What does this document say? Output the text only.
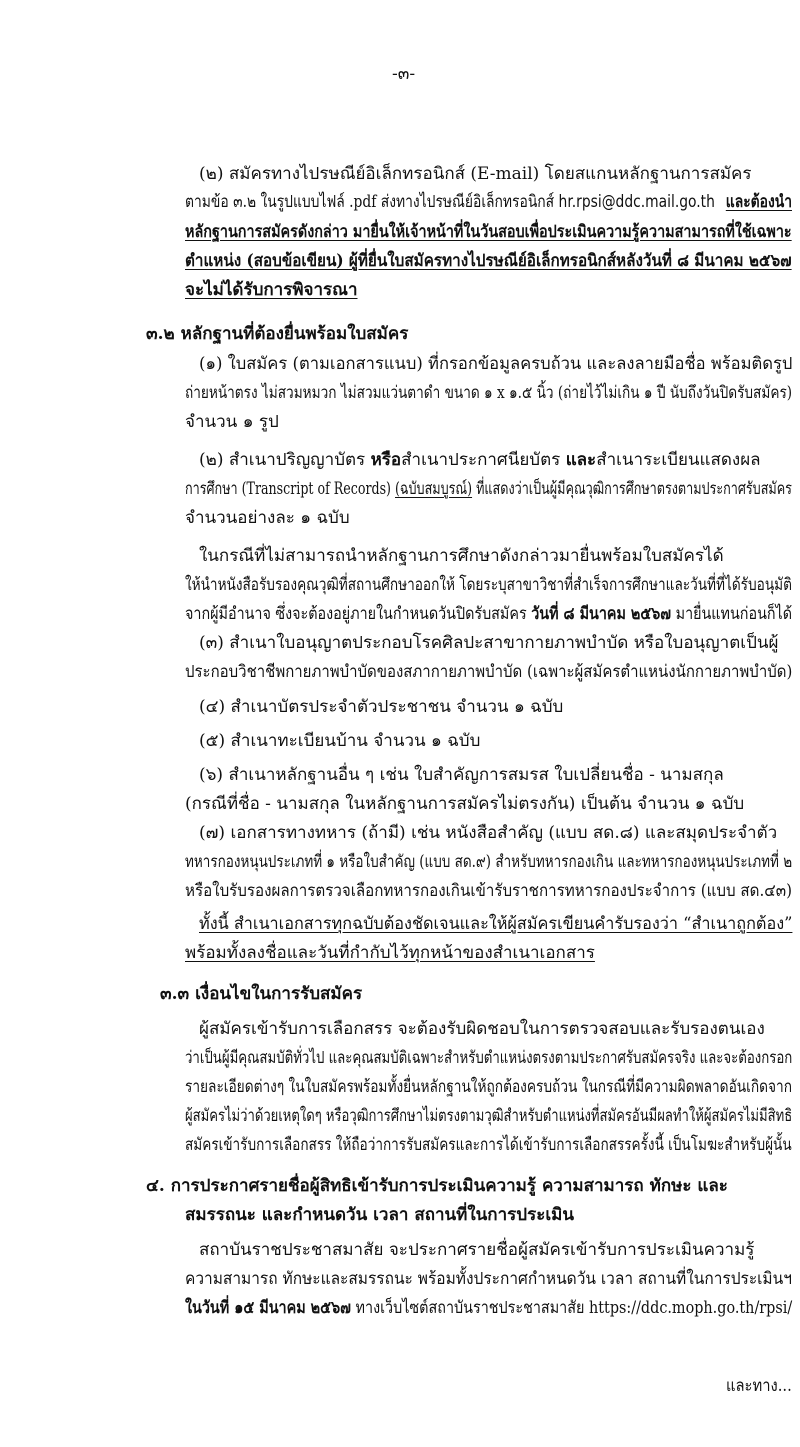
-๓-
(๒) สมัครทางไปรษณีย์อิเล็กทรอนิกส์ (E-mail) โดยสแกนหลักฐานการสมัคร
ตามข้อ ๓.๒ ในรูปแบบไฟล์ .pdf ส่งทางไปรษณีย์อิเล็กทรอนิกส์ hr.rpsi@ddc.mail.go.th และต้องนำ
หลักฐานการสมัครดังกล่าว มายื่นให้เจ้าหน้าที่ในวันสอบเพื่อประเมินความรู้ความสามารถที่ใช้เฉพาะ
ตำแหน่ง (สอบข้อเขียน) ผู้ที่ยื่นใบสมัครทางไปรษณีย์อิเล็กทรอนิกส์หลังวันที่ ๘ มีนาคม ๒๕๖๗
จะไม่ได้รับการพิจารณา
๓.๒ หลักฐานที่ต้องยื่นพร้อมใบสมัคร
(๑) ใบสมัคร (ตามเอกสารแนบ) ที่กรอกข้อมูลครบถ้วน และลงลายมือชื่อ พร้อมติดรูป
ถ่ายหน้าตรง ไม่สวมหมวก ไม่สวมแว่นตาดำ ขนาด ๑ x ๑.๕ นิ้ว (ถ่ายไว้ไม่เกิน ๑ ปี นับถึงวันปิดรับสมัคร)
จำนวน ๑ รูป
(๒) สำเนาปริญญาบัตร หรือสำเนาประกาศนียบัตร และสำเนาระเบียนแสดงผล
การศึกษา (Transcript of Records) (ฉบับสมบูรณ์) ที่แสดงว่าเป็นผู้มีคุณวุฒิการศึกษาตรงตามประกาศรับสมัคร
จำนวนอย่างละ ๑ ฉบับ
ในกรณีที่ไม่สามารถนำหลักฐานการศึกษาดังกล่าวมายื่นพร้อมใบสมัครได้
ให้นำหนังสือรับรองคุณวุฒิที่สถานศึกษาออกให้ โดยระบุสาขาวิชาที่สำเร็จการศึกษาและวันที่ที่ได้รับอนุมัติ
จากผู้มีอำนาจ ซึ่งจะต้องอยู่ภายในกำหนดวันปิดรับสมัคร วันที่ ๘ มีนาคม ๒๕๖๗ มายื่นแทนก่อนก็ได้
(๓) สำเนาใบอนุญาตประกอบโรคศิลปะสาขากายภาพบำบัด หรือใบอนุญาตเป็นผู้
ประกอบวิชาชีพกายภาพบำบัดของสภากายภาพบำบัด (เฉพาะผู้สมัครตำแหน่งนักกายภาพบำบัด)
(๔) สำเนาบัตรประจำตัวประชาชน จำนวน ๑ ฉบับ
(๕) สำเนาทะเบียนบ้าน จำนวน ๑ ฉบับ
(๖) สำเนาหลักฐานอื่น ๆ เช่น ใบสำคัญการสมรส ใบเปลี่ยนชื่อ - นามสกุล
(กรณีที่ชื่อ - นามสกุล ในหลักฐานการสมัครไม่ตรงกัน) เป็นต้น จำนวน ๑ ฉบับ
(๗) เอกสารทางทหาร (ถ้ามี) เช่น หนังสือสำคัญ (แบบ สด.๘) และสมุดประจำตัว
ทหารกองหนุนประเภทที่ ๑ หรือใบสำคัญ (แบบ สด.๙) สำหรับทหารกองเกิน และทหารกองหนุนประเภทที่ ๒
หรือใบรับรองผลการตรวจเลือกทหารกองเกินเข้ารับราชการทหารกองประจำการ (แบบ สด.๔๓)
ทั้งนี้ สำเนาเอกสารทุกฉบับต้องชัดเจนและให้ผู้สมัครเขียนคำรับรองว่า “สำเนาถูกต้อง”
พร้อมทั้งลงชื่อและวันที่กำกับไว้ทุกหน้าของสำเนาเอกสาร
๓.๓ เงื่อนไขในการรับสมัคร
ผู้สมัครเข้ารับการเลือกสรร จะต้องรับผิดชอบในการตรวจสอบและรับรองตนเอง
ว่าเป็นผู้มีคุณสมบัติทั่วไป และคุณสมบัติเฉพาะสำหรับตำแหน่งตรงตามประกาศรับสมัครจริง และจะต้องกรอก
รายละเอียดต่างๆ ในใบสมัครพร้อมทั้งยื่นหลักฐานให้ถูกต้องครบถ้วน ในกรณีที่มีความผิดพลาดอันเกิดจาก
ผู้สมัครไม่ว่าด้วยเหตุใดๆ หรือวุฒิการศึกษาไม่ตรงตามวุฒิสำหรับตำแหน่งที่สมัครอันมีผลทำให้ผู้สมัครไม่มีสิทธิ
สมัครเข้ารับการเลือกสรร ให้ถือว่าการรับสมัครและการได้เข้ารับการเลือกสรรครั้งนี้ เป็นโมฆะสำหรับผู้นั้น
๔. การประกาศรายชื่อผู้สิทธิเข้ารับการประเมินความรู้ ความสามารถ ทักษะ และ
สมรรถนะ และกำหนดวัน เวลา สถานที่ในการประเมิน
สถาบันราชประชาสมาสัย จะประกาศรายชื่อผู้สมัครเข้ารับการประเมินความรู้
ความสามารถ ทักษะและสมรรถนะ พร้อมทั้งประกาศกำหนดวัน เวลา สถานที่ในการประเมินฯ
ในวันที่ ๑๕ มีนาคม ๒๕๖๗ ทางเว็บไซต์สถาบันราชประชาสมาสัย https://ddc.moph.go.th/rpsi/
และทาง...
